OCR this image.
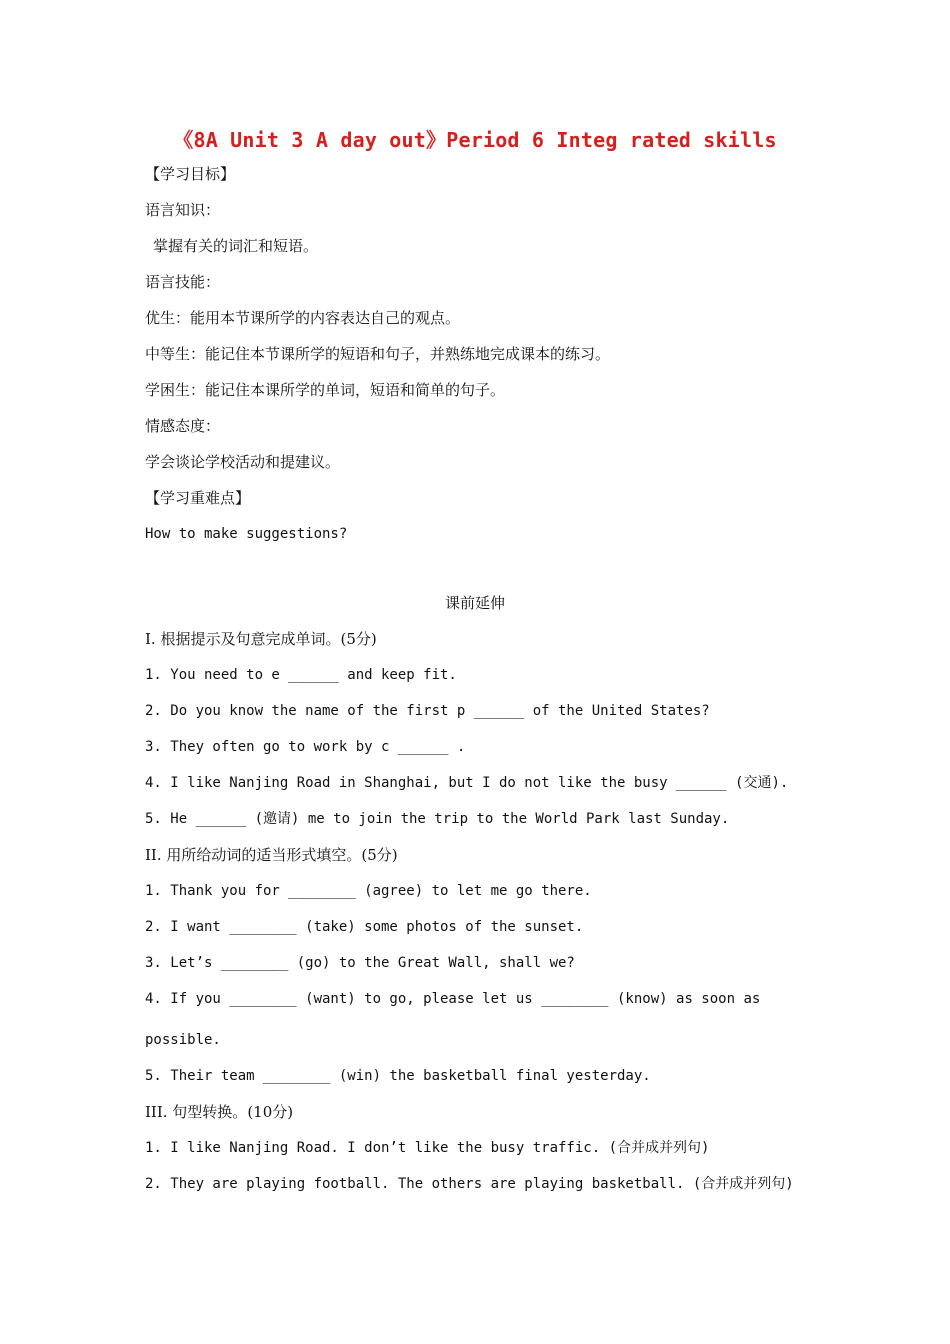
《8A Unit 3 A day out》Period 6 Integ rated skills
【学习目标】
语言知识：
掌握有关的词汇和短语。
语言技能：
优生：能用本节课所学的内容表达自己的观点。
中等生：能记住本节课所学的短语和句子，并熟练地完成课本的练习。
学困生：能记住本课所学的单词，短语和简单的句子。
情感态度：
学会谈论学校活动和提建议。
【学习重难点】
How to make suggestions?
课前延伸
I. 根据提示及句意完成单词。(5分)
1. You need to e ______ and keep fit.
2. Do you know the name of the first p ______ of the United States?
3. They often go to work by c ______ .
4. I like Nanjing Road in Shanghai, but I do not like the busy ______ (交通).
5. He ______ (邀请) me to join the trip to the World Park last Sunday.
II. 用所给动词的适当形式填空。(5分)
1. Thank you for ________ (agree) to let me go there.
2. I want ________ (take) some photos of the sunset.
3. Let’s ________ (go) to the Great Wall, shall we?
4. If you ________ (want) to go, please let us ________ (know) as soon as
possible.
5. Their team ________ (win) the basketball final yesterday.
III. 句型转换。(10分)
1. I like Nanjing Road. I don’t like the busy traffic. (合并成并列句)
2. They are playing football. The others are playing basketball. (合并成并列句)
